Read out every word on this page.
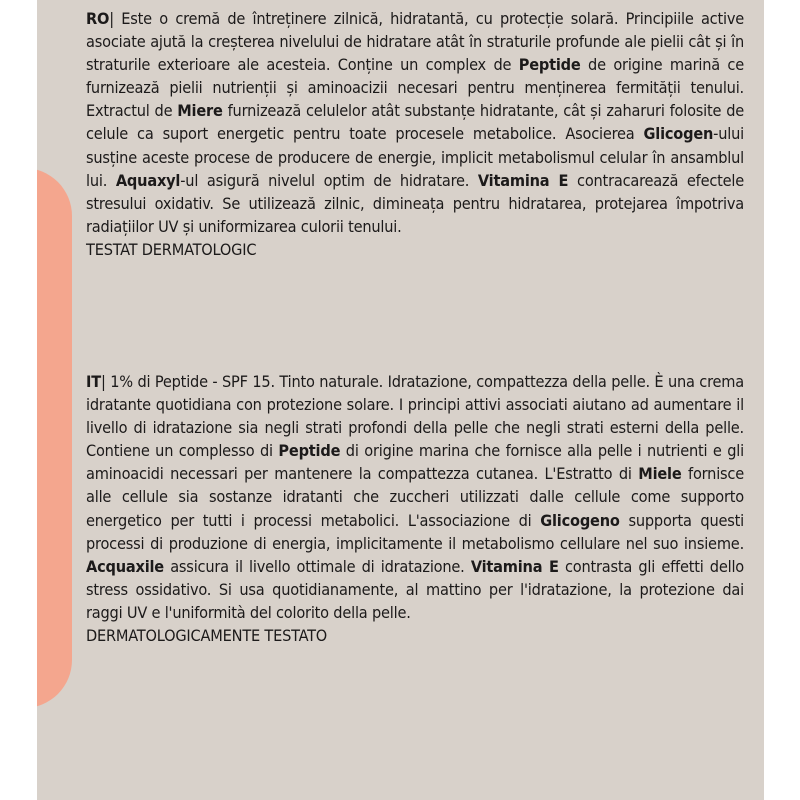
RO| Este o cremă de întreținere zilnică, hidratantă, cu protecție solară. Principiile active asociate ajută la creșterea nivelului de hidratare atât în straturile profunde ale pielii cât și în straturile exterioare ale acesteia. Conține un complex de Peptide de origine marină ce furnizează pielii nutrienții și aminoacizii necesari pentru menținerea fermității tenului. Extractul de Miere furnizează celulelor atât substanțe hidratante, cât și zaharuri folosite de celule ca suport energetic pentru toate procesele metabolice. Asocierea Glicogen-ului susține aceste procese de producere de energie, implicit metabolismul celular în ansamblul lui. Aquaxyl-ul asigură nivelul optim de hidratare. Vitamina E contracarează efectele stresului oxidativ. Se utilizează zilnic, dimineața pentru hidratarea, protejarea împotriva radiațiilor UV și uniformizarea culorii tenului.

TESTAT DERMATOLOGIC

IT| 1% di Peptide - SPF 15. Tinto naturale. Idratazione, compattezza della pelle. È una crema idratante quotidiana con protezione solare. I principi attivi associati aiutano ad aumentare il livello di idratazione sia negli strati profondi della pelle che negli strati esterni della pelle. Contiene un complesso di Peptide di origine marina che fornisce alla pelle i nutrienti e gli aminoacidi necessari per mantenere la compattezza cutanea. L'Estratto di Miele fornisce alle cellule sia sostanze idratanti che zuccheri utilizzati dalle cellule come supporto energetico per tutti i processi metabolici. L'associazione di Glicogeno supporta questi processi di produzione di energia, implicitamente il metabolismo cellulare nel suo insieme. Acquaxile assicura il livello ottimale di idratazione. Vitamina E contrasta gli effetti dello stress ossidativo. Si usa quotidianamente, al mattino per l'idratazione, la protezione dai raggi UV e l'uniformità del colorito della pelle.

DERMATOLOGICAMENTE TESTATO
